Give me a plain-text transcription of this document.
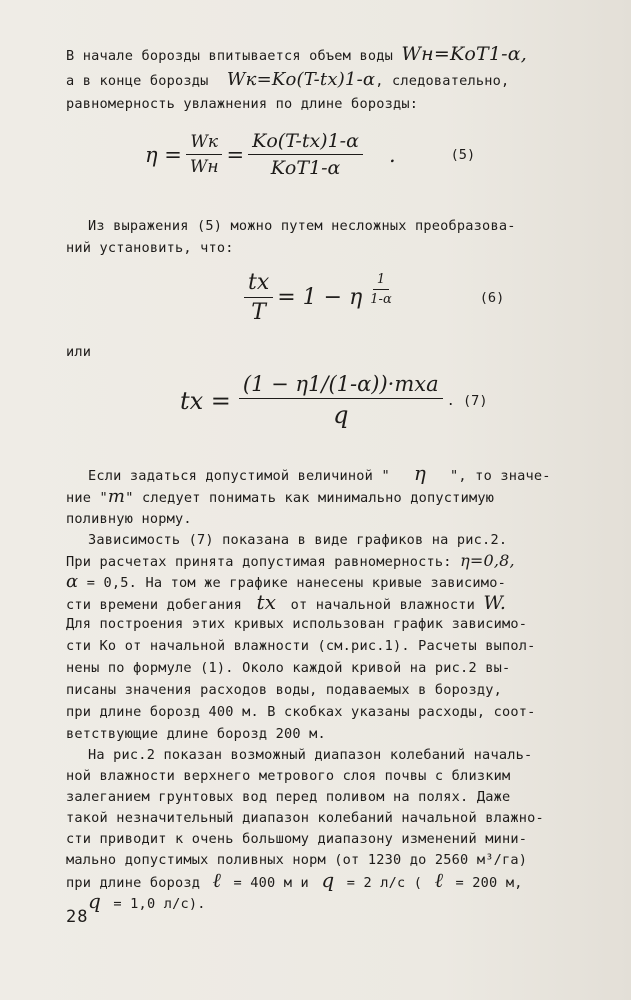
В начале борозды впитывается объем воды Wн=KоT1-α,
а в конце борозды Wк=Kо(T-tx)1-α, следовательно,
равномерность увлажнения по длине борозды:
$\eta = \frac{Wк}{Wн} = \frac{Kо(T-tx)1-\alpha}{\text{KоT1-α}}$ .	(5)
Из выражения (5) можно путем несложных преобразова-
ний установить, что:
$\frac{tx}{T} = 1 - \eta \frac{1}{1-\alpha}$	(6)
или
tx = $\frac{\text{(1 − η1/(1-α))·mxa}}{q}$ . (7)
Если задаться допустимой величиной " η ", то значе-
ние "m" следует понимать как минимально допустимую
поливную норму.
Зависимость (7) показана в виде графиков на рис.2.
При расчетах принята допустимая равномерность: η=0,8,
α = 0,5. На том же графике нанесены кривые зависимо-
сти времени добегания tx от начальной влажности W.
Для построения этих кривых использован график зависимо-
сти Kо от начальной влажности (см.рис.1). Расчеты выпол-
нены по формуле (1). Около каждой кривой на рис.2 вы-
писаны значения расходов воды, подаваемых в борозду,
при длине борозд 400 м. В скобках указаны расходы, соот-
ветствующие длине борозд 200 м.
На рис.2 показан возможный диапазон колебаний началь-
ной влажности верхнего метрового слоя почвы с близким
залеганием грунтовых вод перед поливом на полях. Даже
такой незначительный диапазон колебаний начальной влажно-
сти приводит к очень большому диапазону изменений мини-
мально допустимых поливных норм (от 1230 до 2560 м³/га)
при длине борозд ℓ = 400 м и q = 2 л/с ( ℓ = 200 м,
q = 1,0 л/с).
28
